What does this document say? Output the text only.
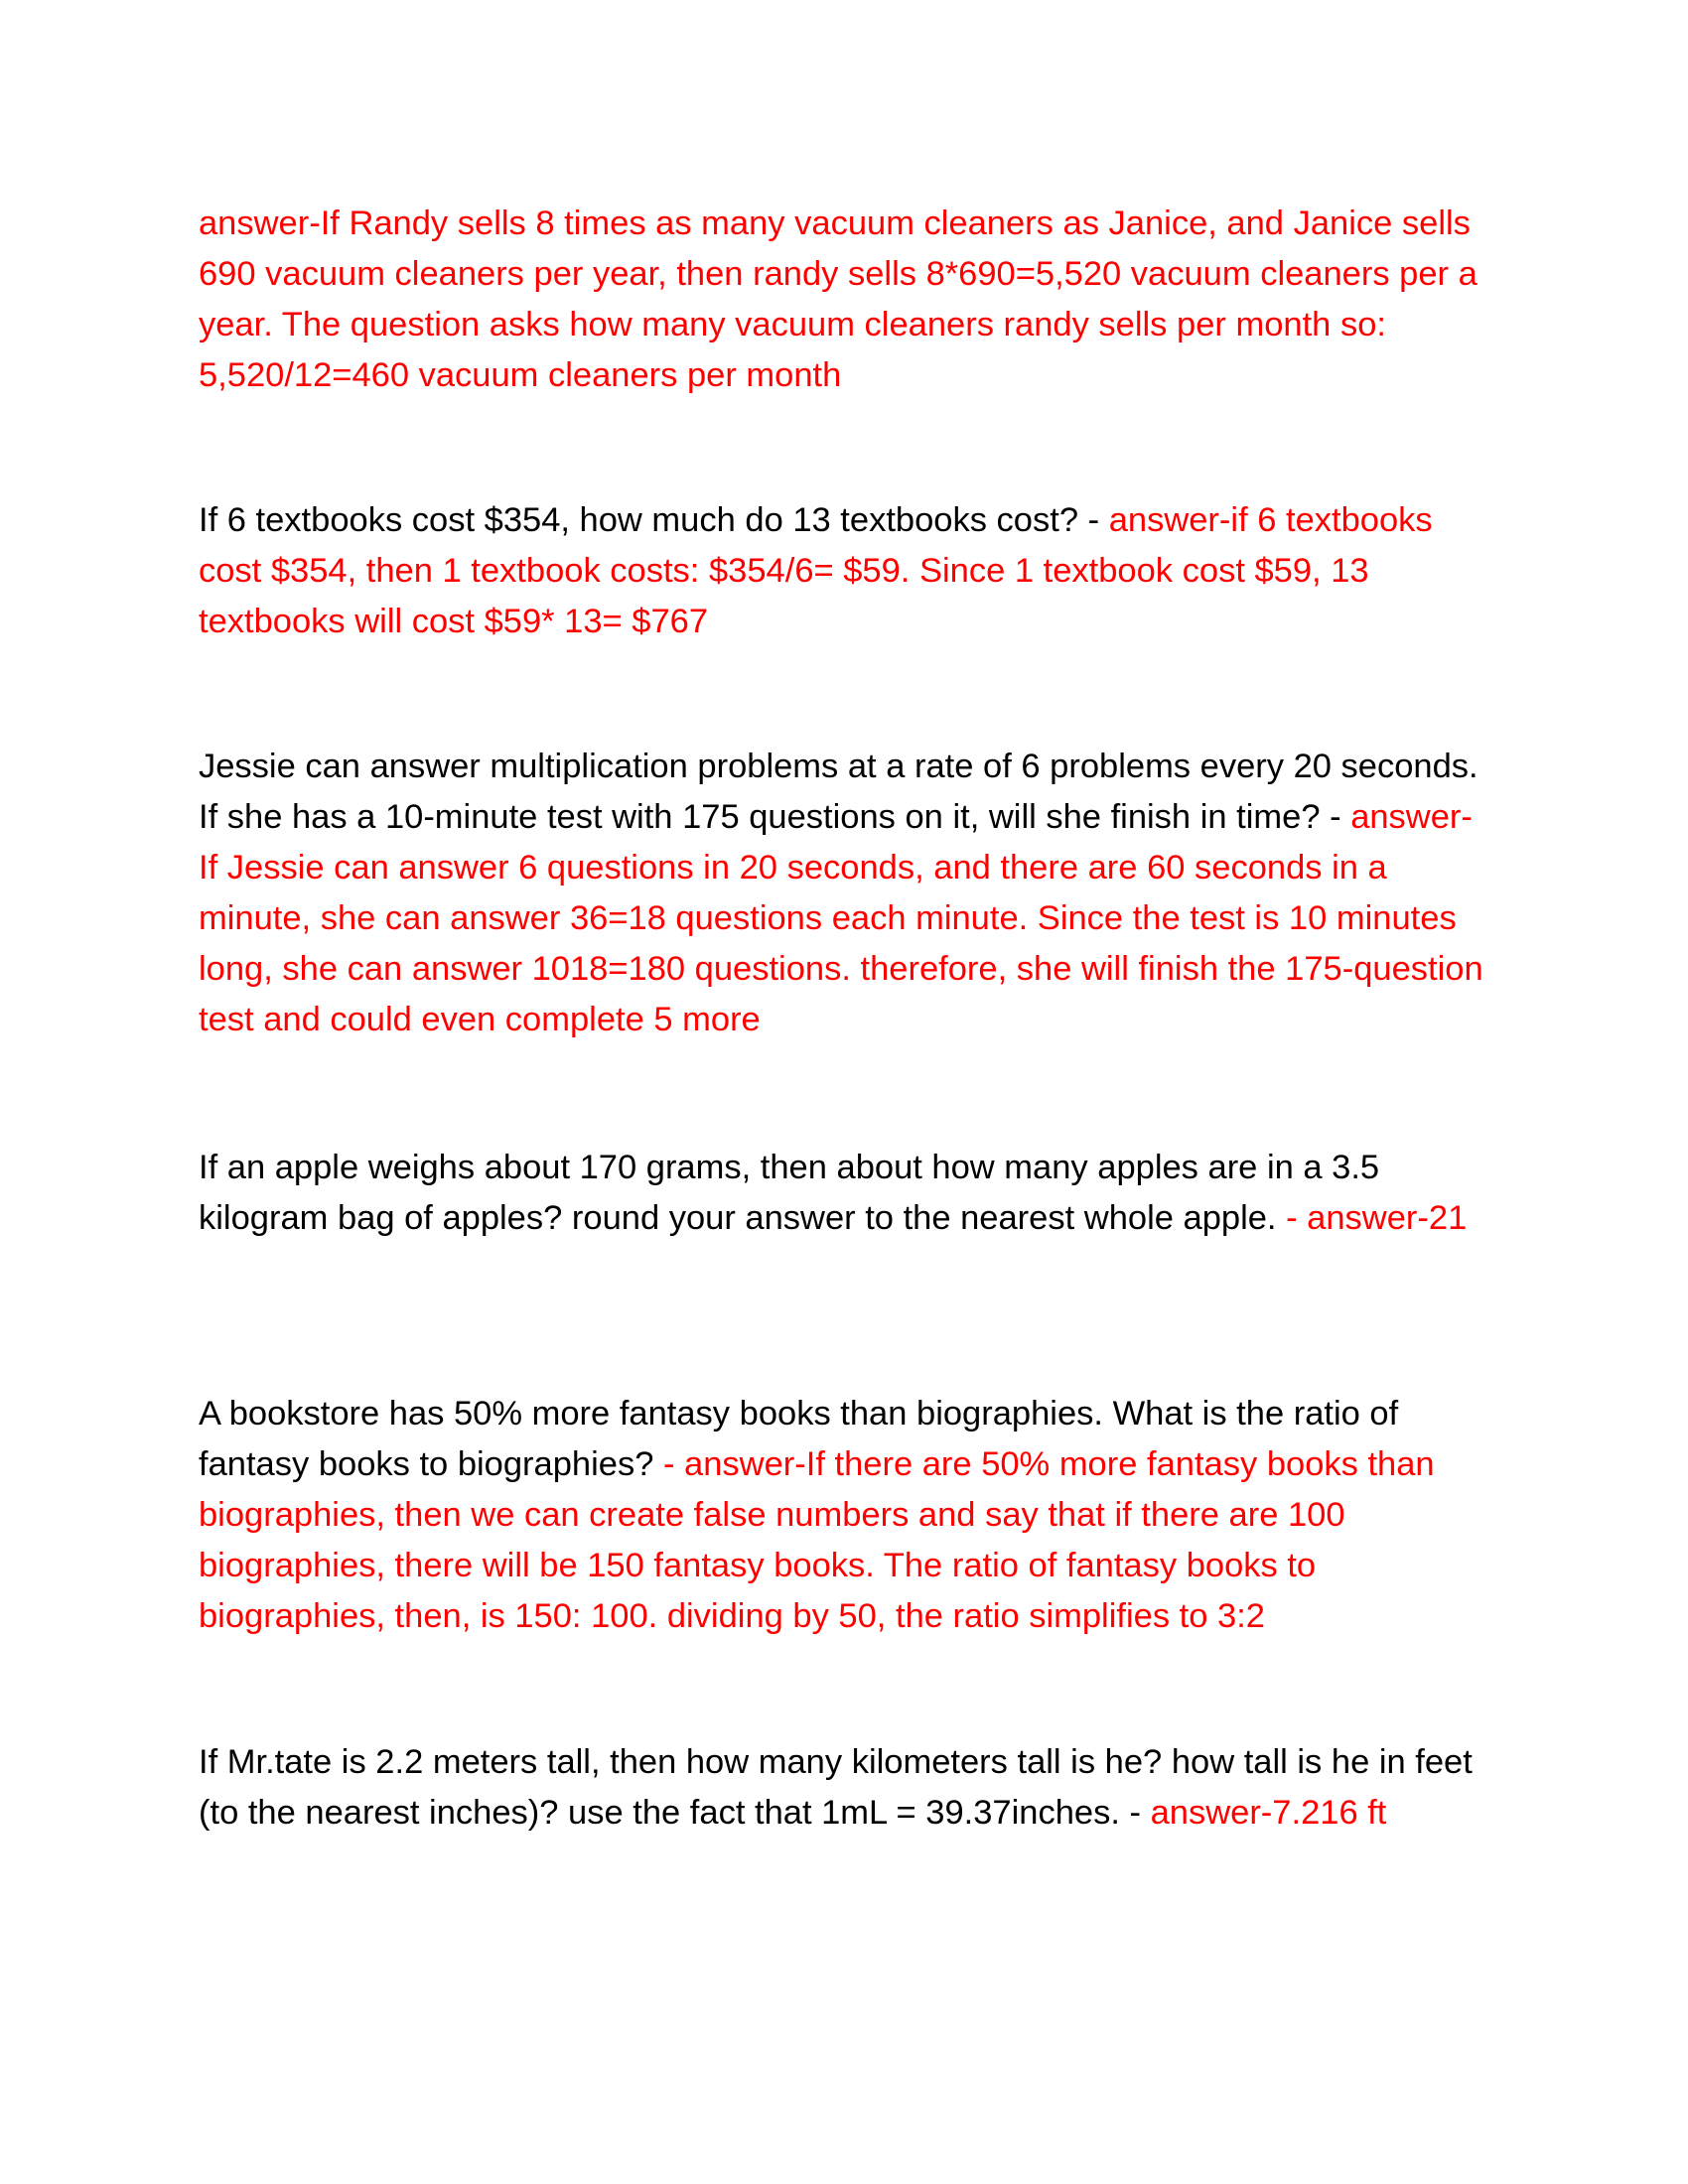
answer-If Randy sells 8 times as many vacuum cleaners as Janice, and Janice sells 690 vacuum cleaners per year, then randy sells 8*690=5,520 vacuum cleaners per a year. The question asks how many vacuum cleaners randy sells per month so: 5,520/12=460 vacuum cleaners per month

If 6 textbooks cost $354, how much do 13 textbooks cost? - answer-if 6 textbooks cost $354, then 1 textbook costs: $354/6= $59. Since 1 textbook cost $59, 13 textbooks will cost $59* 13= $767

Jessie can answer multiplication problems at a rate of 6 problems every 20 seconds. If she has a 10-minute test with 175 questions on it, will she finish in time? - answer-If Jessie can answer 6 questions in 20 seconds, and there are 60 seconds in a minute, she can answer 36=18 questions each minute. Since the test is 10 minutes long, she can answer 1018=180 questions. therefore, she will finish the 175-question test and could even complete 5 more

If an apple weighs about 170 grams, then about how many apples are in a 3.5 kilogram bag of apples? round your answer to the nearest whole apple. - answer-21

A bookstore has 50% more fantasy books than biographies. What is the ratio of fantasy books to biographies? - answer-If there are 50% more fantasy books than biographies, then we can create false numbers and say that if there are 100 biographies, there will be 150 fantasy books. The ratio of fantasy books to biographies, then, is 150: 100. dividing by 50, the ratio simplifies to 3:2

If Mr.tate is 2.2 meters tall, then how many kilometers tall is he? how tall is he in feet (to the nearest inches)? use the fact that 1mL = 39.37inches. - answer-7.216 ft
